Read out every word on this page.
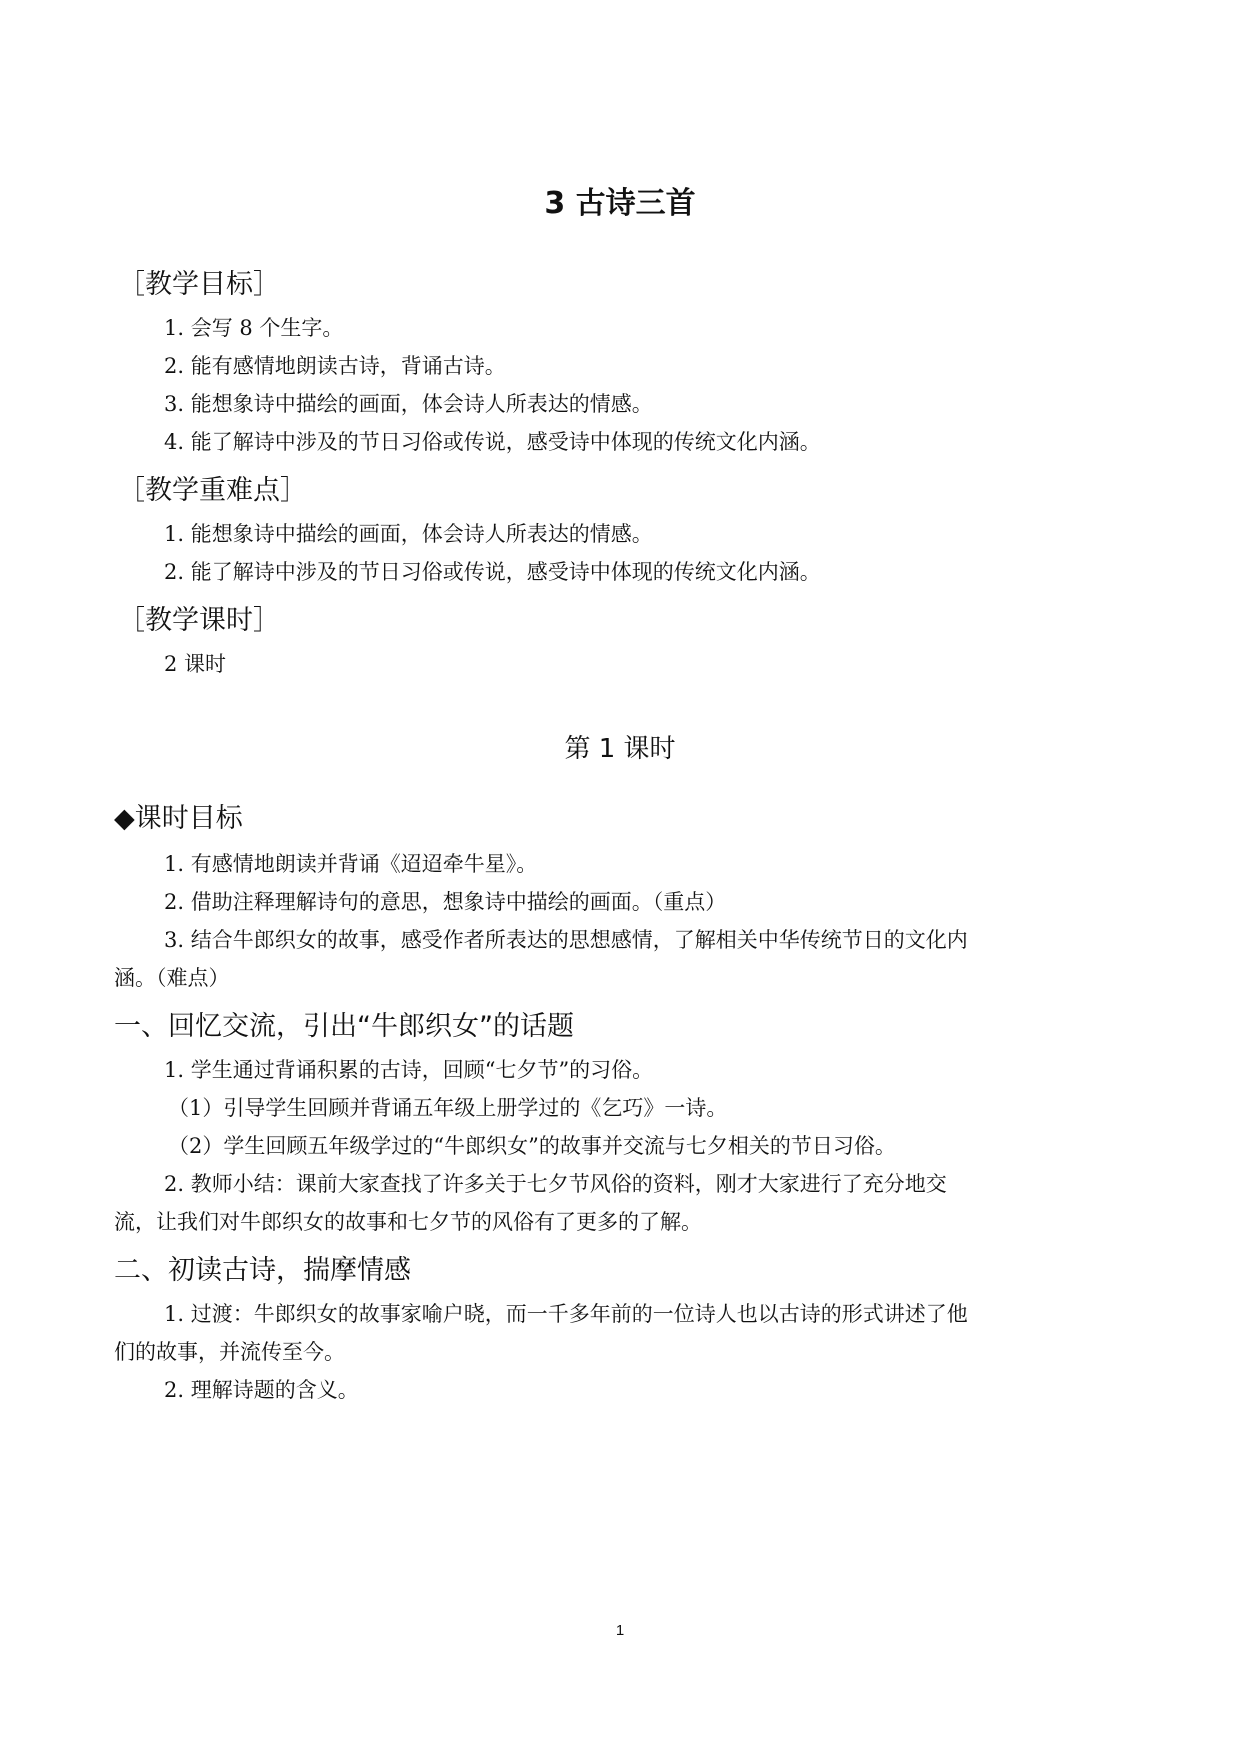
3 古诗三首
［教学目标］
1. 会写 8 个生字。
2. 能有感情地朗读古诗，背诵古诗。
3. 能想象诗中描绘的画面，体会诗人所表达的情感。
4. 能了解诗中涉及的节日习俗或传说，感受诗中体现的传统文化内涵。
［教学重难点］
1. 能想象诗中描绘的画面，体会诗人所表达的情感。
2. 能了解诗中涉及的节日习俗或传说，感受诗中体现的传统文化内涵。
［教学课时］
2 课时
第 1 课时
◆课时目标
1. 有感情地朗读并背诵《迢迢牵牛星》。
2. 借助注释理解诗句的意思，想象诗中描绘的画面。（重点）
3. 结合牛郎织女的故事，感受作者所表达的思想感情，了解相关中华传统节日的文化内
涵。（难点）
一、回忆交流，引出“牛郎织女”的话题
1. 学生通过背诵积累的古诗，回顾“七夕节”的习俗。
（1）引导学生回顾并背诵五年级上册学过的《乞巧》一诗。
（2）学生回顾五年级学过的“牛郎织女”的故事并交流与七夕相关的节日习俗。
2. 教师小结：课前大家查找了许多关于七夕节风俗的资料，刚才大家进行了充分地交
流，让我们对牛郎织女的故事和七夕节的风俗有了更多的了解。
二、初读古诗，揣摩情感
1. 过渡：牛郎织女的故事家喻户晓，而一千多年前的一位诗人也以古诗的形式讲述了他
们的故事，并流传至今。
2. 理解诗题的含义。
1
